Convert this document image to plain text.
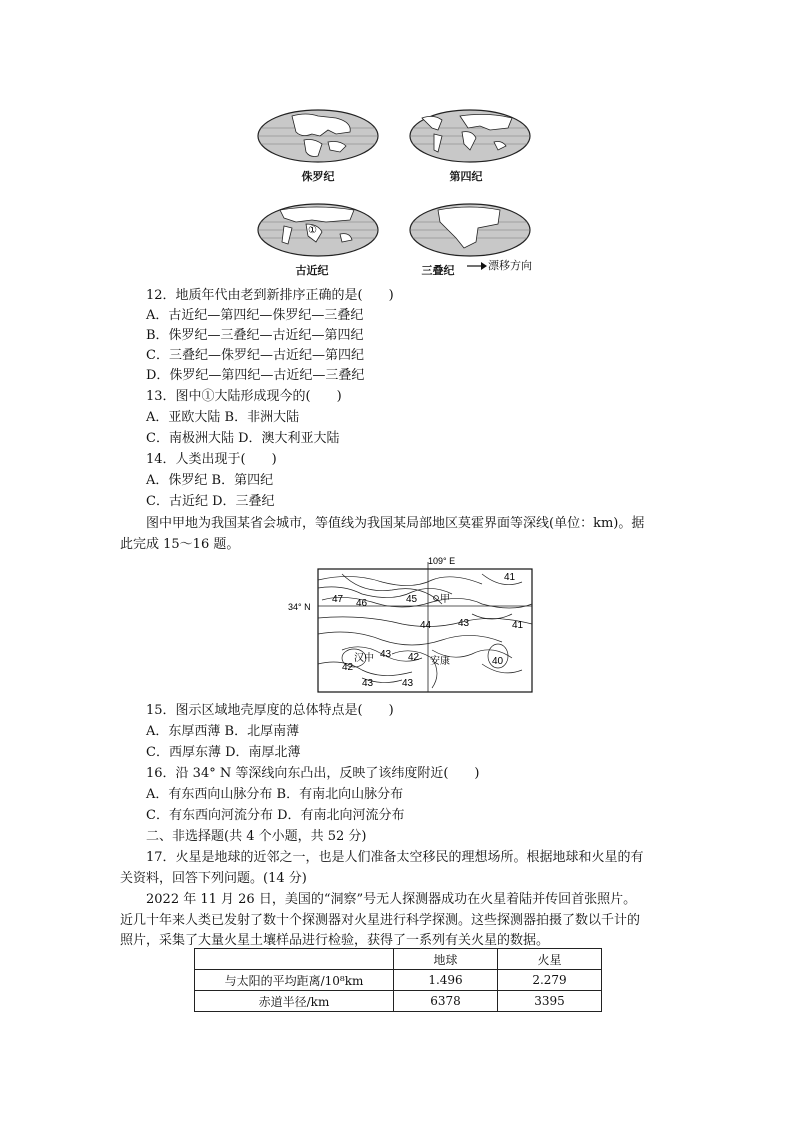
侏罗纪	第四纪
①
古近纪	三叠纪	漂移方向
12．地质年代由老到新排序正确的是(　　)
A．古近纪—第四纪—侏罗纪—三叠纪
B．侏罗纪—三叠纪—古近纪—第四纪
C．三叠纪—侏罗纪—古近纪—第四纪
D．侏罗纪—第四纪—古近纪—三叠纪
13．图中①大陆形成现今的(　　)
A．亚欧大陆 B．非洲大陆
C．南极洲大陆 D．澳大利亚大陆
14．人类出现于(　　)
A．侏罗纪 B．第四纪
C．古近纪 D．三叠纪
图中甲地为我国某省会城市，等值线为我国某局部地区莫霍界面等深线(单位：km)。据
此完成 15～16 题。
109° E
34° N
甲
汉中	安康
41
47 46	45
44	43	41
42
43 42
43	43
40
15．图示区域地壳厚度的总体特点是(　　)
A．东厚西薄 B．北厚南薄
C．西厚东薄 D．南厚北薄
16．沿 34° N 等深线向东凸出，反映了该纬度附近(　　)
A．有东西向山脉分布 B．有南北向山脉分布
C．有东西向河流分布 D．有南北向河流分布
二、非选择题(共 4 个小题，共 52 分)
17．火星是地球的近邻之一，也是人们准备太空移民的理想场所。根据地球和火星的有
关资料，回答下列问题。(14 分)
2022 年 11 月 26 日，美国的“洞察”号无人探测器成功在火星着陆并传回首张照片。
近几十年来人类已发射了数十个探测器对火星进行科学探测。这些探测器拍摄了数以千计的
照片，采集了大量火星土壤样品进行检验，获得了一系列有关火星的数据。
	地球	火星
与太阳的平均距离/10⁸km	1.496	2.279
赤道半径/km	6378	3395
